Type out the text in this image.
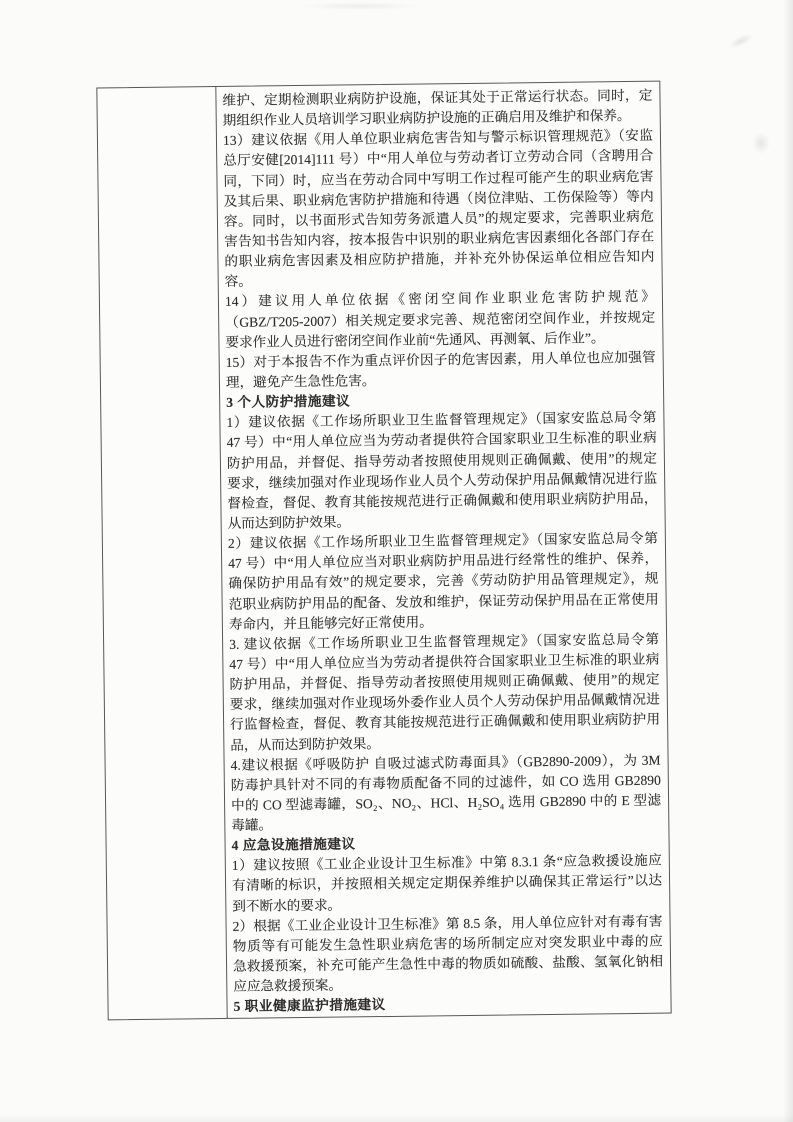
维护、定期检测职业病防护设施，保证其处于正常运行状态。同时，定
期组织作业人员培训学习职业病防护设施的正确启用及维护和保养。
13）建议依据《用人单位职业病危害告知与警示标识管理规范》（安监
总厅安健[2014]111 号）中“用人单位与劳动者订立劳动合同（含聘用合
同，下同）时，应当在劳动合同中写明工作过程可能产生的职业病危害
及其后果、职业病危害防护措施和待遇（岗位津贴、工伤保险等）等内
容。同时，以书面形式告知劳务派遣人员”的规定要求，完善职业病危
害告知书告知内容，按本报告中识别的职业病危害因素细化各部门存在
的职业病危害因素及相应防护措施，并补充外协保运单位相应告知内
容。
14）建议用人单位依据《密闭空间作业职业危害防护规范》
（GBZ/T205-2007）相关规定要求完善、规范密闭空间作业，并按规定
要求作业人员进行密闭空间作业前“先通风、再测氧、后作业”。
15）对于本报告不作为重点评价因子的危害因素，用人单位也应加强管
理，避免产生急性危害。
3 个人防护措施建议
1）建议依据《工作场所职业卫生监督管理规定》（国家安监总局令第
47 号）中“用人单位应当为劳动者提供符合国家职业卫生标准的职业病
防护用品，并督促、指导劳动者按照使用规则正确佩戴、使用”的规定
要求，继续加强对作业现场作业人员个人劳动保护用品佩戴情况进行监
督检查，督促、教育其能按规范进行正确佩戴和使用职业病防护用品，
从而达到防护效果。
2）建议依据《工作场所职业卫生监督管理规定》（国家安监总局令第
47 号）中“用人单位应当对职业病防护用品进行经常性的维护、保养，
确保防护用品有效”的规定要求，完善《劳动防护用品管理规定》，规
范职业病防护用品的配备、发放和维护，保证劳动保护用品在正常使用
寿命内，并且能够完好正常使用。
3. 建议依据《工作场所职业卫生监督管理规定》（国家安监总局令第
47 号）中“用人单位应当为劳动者提供符合国家职业卫生标准的职业病
防护用品，并督促、指导劳动者按照使用规则正确佩戴、使用”的规定
要求，继续加强对作业现场外委作业人员个人劳动保护用品佩戴情况进
行监督检查，督促、教育其能按规范进行正确佩戴和使用职业病防护用
品，从而达到防护效果。
4.建议根据《呼吸防护 自吸过滤式防毒面具》（GB2890-2009），为 3M
防毒护具针对不同的有毒物质配备不同的过滤件，如 CO 选用 GB2890
中的 CO 型滤毒罐，SO₂、NO₂、HCl、H₂SO₄ 选用 GB2890 中的 E 型滤
毒罐。
4 应急设施措施建议
1）建议按照《工业企业设计卫生标准》中第 8.3.1 条“应急救援设施应
有清晰的标识，并按照相关规定定期保养维护以确保其正常运行”以达
到不断水的要求。
2）根据《工业企业设计卫生标准》第 8.5 条，用人单位应针对有毒有害
物质等有可能发生急性职业病危害的场所制定应对突发职业中毒的应
急救援预案，补充可能产生急性中毒的物质如硫酸、盐酸、氢氧化钠相
应应急救援预案。
5 职业健康监护措施建议
